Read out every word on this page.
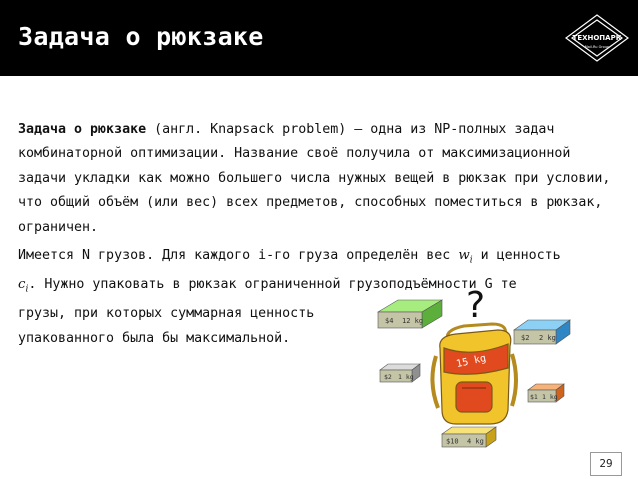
Задача о рюкзаке	ТЕХНОПАРК
Mail.Ru Group

Задача о рюкзаке (англ. Knapsack problem) — одна из NP-полных задач комбинаторной оптимизации. Название своё получила от максимизационной задачи укладки как можно большего числа нужных вещей в рюкзак при условии, что общий объём (или вес) всех предметов, способных поместиться в рюкзак, ограничен.

Имеется N грузов. Для каждого i-го груза определён вес $w_i$ и ценность
$c_i$. Нужно упаковать в рюкзак ограниченной грузоподъёмности G те
грузы, при которых суммарная ценность
упакованного была бы максимальной.

?
$4 12 kg
$2 2 kg
$2 1 kg
$1 1 kg
$10 4 kg
15 kg
29
